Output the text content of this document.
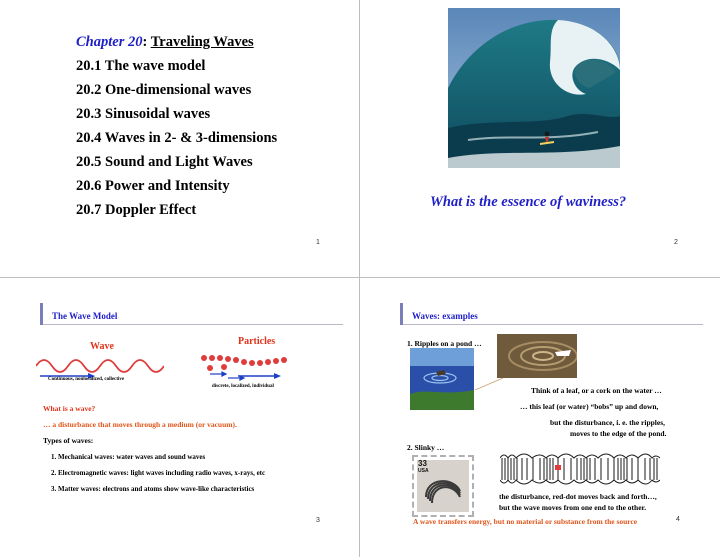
Chapter 20: Traveling Waves
20.1 The wave model
20.2 One-dimensional waves
20.3 Sinusoidal waves
20.4 Waves in 2- & 3-dimensions
20.5 Sound and Light Waves
20.6 Power and Intensity
20.7 Doppler Effect
1
What is the essence of waviness?
2
The Wave Model
Wave	Particles
Continuous, nonlocalized, collective
discrete, localized, individual
What is a wave?
… a disturbance that moves through a medium (or vacuum).
Types of waves:
1. Mechanical waves: water waves and sound waves
2. Electromagnetic waves: light waves including radio waves, x-rays, etc
3. Matter waves: electrons and atoms show wave-like characteristics
3
Waves: examples
1. Ripples on a pond …
Think of a leaf, or a cork on the water …
… this leaf (or water) “bobs” up and down,
but the disturbance, i. e. the ripples,
moves to the edge of the pond.
2. Slinky …
33
USA
the disturbance, red-dot moves back and forth…,
but the wave moves from one end to the other.
A wave transfers energy, but no material or substance from the source	4
